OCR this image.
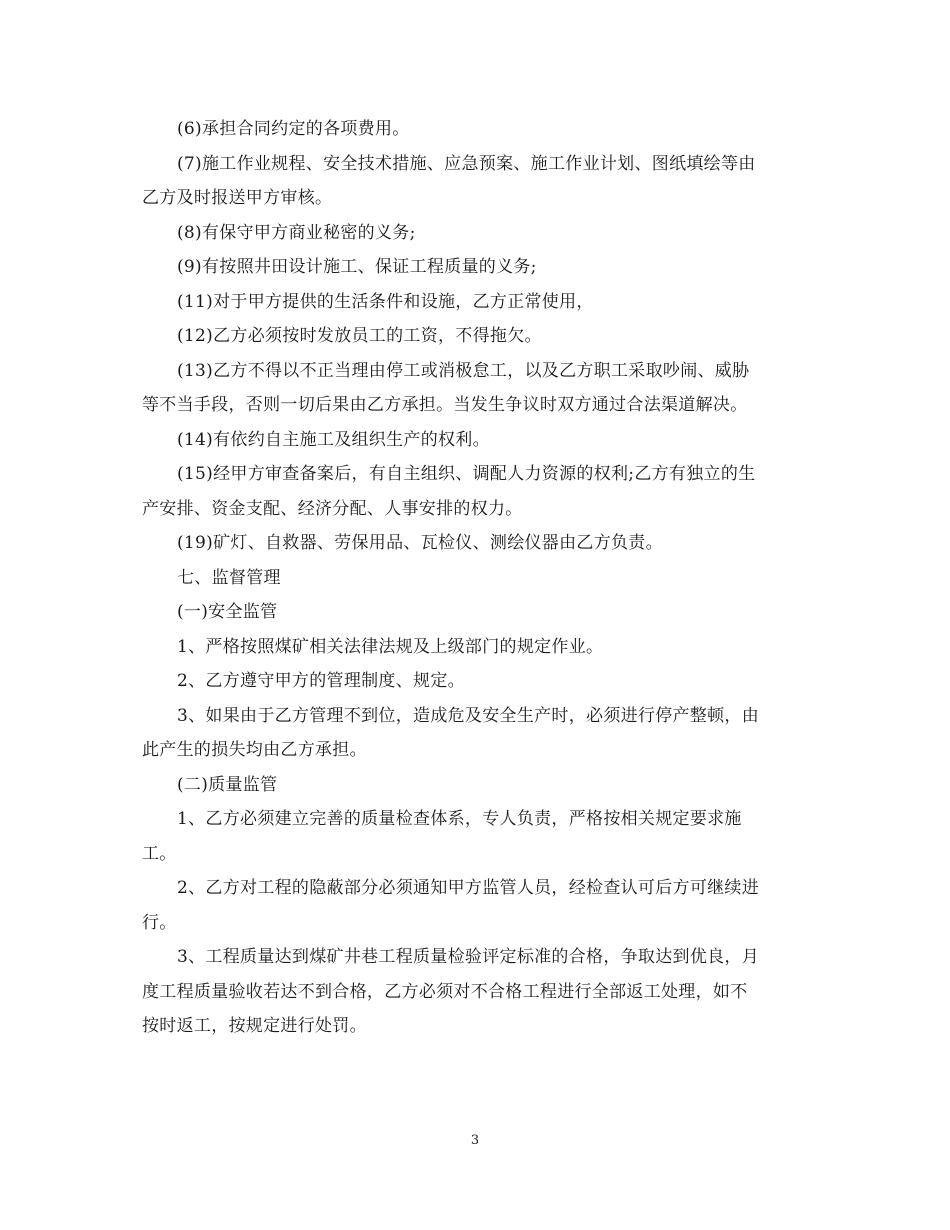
(6)承担合同约定的各项费用。
(7)施工作业规程、安全技术措施、应急预案、施工作业计划、图纸填绘等由
乙方及时报送甲方审核。
(8)有保守甲方商业秘密的义务;
(9)有按照井田设计施工、保证工程质量的义务;
(11)对于甲方提供的生活条件和设施，乙方正常使用，
(12)乙方必须按时发放员工的工资，不得拖欠。
(13)乙方不得以不正当理由停工或消极怠工，以及乙方职工采取吵闹、威胁
等不当手段，否则一切后果由乙方承担。当发生争议时双方通过合法渠道解决。
(14)有依约自主施工及组织生产的权利。
(15)经甲方审查备案后，有自主组织、调配人力资源的权利;乙方有独立的生
产安排、资金支配、经济分配、人事安排的权力。
(19)矿灯、自救器、劳保用品、瓦检仪、测绘仪器由乙方负责。
七、监督管理
(一)安全监管
1、严格按照煤矿相关法律法规及上级部门的规定作业。
2、乙方遵守甲方的管理制度、规定。
3、如果由于乙方管理不到位，造成危及安全生产时，必须进行停产整顿，由
此产生的损失均由乙方承担。
(二)质量监管
1、乙方必须建立完善的质量检查体系，专人负责，严格按相关规定要求施
工。
2、乙方对工程的隐蔽部分必须通知甲方监管人员，经检查认可后方可继续进
行。
3、工程质量达到煤矿井巷工程质量检验评定标准的合格，争取达到优良，月
度工程质量验收若达不到合格，乙方必须对不合格工程进行全部返工处理，如不
按时返工，按规定进行处罚。
3
